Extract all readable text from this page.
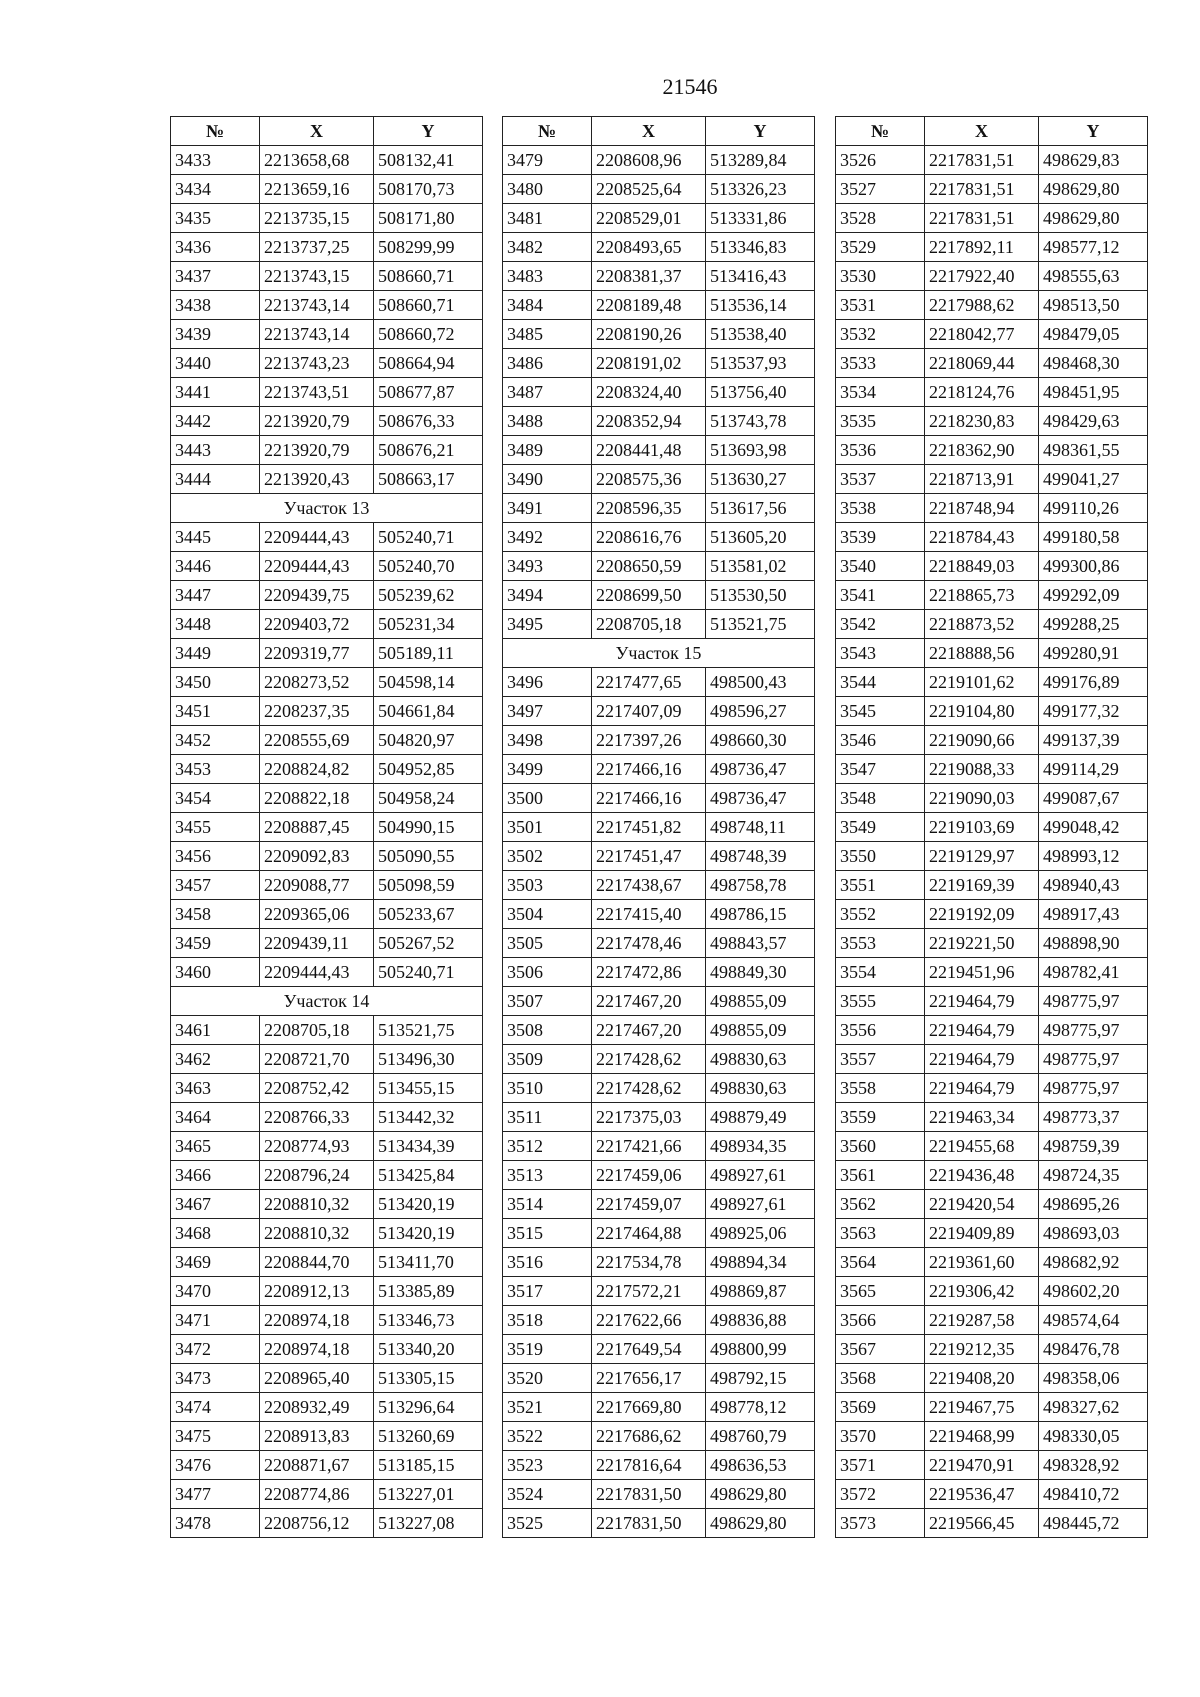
21546
№	X	Y
3433	2213658,68	508132,41
3434	2213659,16	508170,73
3435	2213735,15	508171,80
3436	2213737,25	508299,99
3437	2213743,15	508660,71
3438	2213743,14	508660,71
3439	2213743,14	508660,72
3440	2213743,23	508664,94
3441	2213743,51	508677,87
3442	2213920,79	508676,33
3443	2213920,79	508676,21
3444	2213920,43	508663,17
Участок 13		
3445	2209444,43	505240,71
3446	2209444,43	505240,70
3447	2209439,75	505239,62
3448	2209403,72	505231,34
3449	2209319,77	505189,11
3450	2208273,52	504598,14
3451	2208237,35	504661,84
3452	2208555,69	504820,97
3453	2208824,82	504952,85
3454	2208822,18	504958,24
3455	2208887,45	504990,15
3456	2209092,83	505090,55
3457	2209088,77	505098,59
3458	2209365,06	505233,67
3459	2209439,11	505267,52
3460	2209444,43	505240,71
Участок 14		
3461	2208705,18	513521,75
3462	2208721,70	513496,30
3463	2208752,42	513455,15
3464	2208766,33	513442,32
3465	2208774,93	513434,39
3466	2208796,24	513425,84
3467	2208810,32	513420,19
3468	2208810,32	513420,19
3469	2208844,70	513411,70
3470	2208912,13	513385,89
3471	2208974,18	513346,73
3472	2208974,18	513340,20
3473	2208965,40	513305,15
3474	2208932,49	513296,64
3475	2208913,83	513260,69
3476	2208871,67	513185,15
3477	2208774,86	513227,01
3478	2208756,12	513227,08
№	X	Y
3479	2208608,96	513289,84
3480	2208525,64	513326,23
3481	2208529,01	513331,86
3482	2208493,65	513346,83
3483	2208381,37	513416,43
3484	2208189,48	513536,14
3485	2208190,26	513538,40
3486	2208191,02	513537,93
3487	2208324,40	513756,40
3488	2208352,94	513743,78
3489	2208441,48	513693,98
3490	2208575,36	513630,27
3491	2208596,35	513617,56
3492	2208616,76	513605,20
3493	2208650,59	513581,02
3494	2208699,50	513530,50
3495	2208705,18	513521,75
Участок 15		
3496	2217477,65	498500,43
3497	2217407,09	498596,27
3498	2217397,26	498660,30
3499	2217466,16	498736,47
3500	2217466,16	498736,47
3501	2217451,82	498748,11
3502	2217451,47	498748,39
3503	2217438,67	498758,78
3504	2217415,40	498786,15
3505	2217478,46	498843,57
3506	2217472,86	498849,30
3507	2217467,20	498855,09
3508	2217467,20	498855,09
3509	2217428,62	498830,63
3510	2217428,62	498830,63
3511	2217375,03	498879,49
3512	2217421,66	498934,35
3513	2217459,06	498927,61
3514	2217459,07	498927,61
3515	2217464,88	498925,06
3516	2217534,78	498894,34
3517	2217572,21	498869,87
3518	2217622,66	498836,88
3519	2217649,54	498800,99
3520	2217656,17	498792,15
3521	2217669,80	498778,12
3522	2217686,62	498760,79
3523	2217816,64	498636,53
3524	2217831,50	498629,80
3525	2217831,50	498629,80
№	X	Y
3526	2217831,51	498629,83
3527	2217831,51	498629,80
3528	2217831,51	498629,80
3529	2217892,11	498577,12
3530	2217922,40	498555,63
3531	2217988,62	498513,50
3532	2218042,77	498479,05
3533	2218069,44	498468,30
3534	2218124,76	498451,95
3535	2218230,83	498429,63
3536	2218362,90	498361,55
3537	2218713,91	499041,27
3538	2218748,94	499110,26
3539	2218784,43	499180,58
3540	2218849,03	499300,86
3541	2218865,73	499292,09
3542	2218873,52	499288,25
3543	2218888,56	499280,91
3544	2219101,62	499176,89
3545	2219104,80	499177,32
3546	2219090,66	499137,39
3547	2219088,33	499114,29
3548	2219090,03	499087,67
3549	2219103,69	499048,42
3550	2219129,97	498993,12
3551	2219169,39	498940,43
3552	2219192,09	498917,43
3553	2219221,50	498898,90
3554	2219451,96	498782,41
3555	2219464,79	498775,97
3556	2219464,79	498775,97
3557	2219464,79	498775,97
3558	2219464,79	498775,97
3559	2219463,34	498773,37
3560	2219455,68	498759,39
3561	2219436,48	498724,35
3562	2219420,54	498695,26
3563	2219409,89	498693,03
3564	2219361,60	498682,92
3565	2219306,42	498602,20
3566	2219287,58	498574,64
3567	2219212,35	498476,78
3568	2219408,20	498358,06
3569	2219467,75	498327,62
3570	2219468,99	498330,05
3571	2219470,91	498328,92
3572	2219536,47	498410,72
3573	2219566,45	498445,72
